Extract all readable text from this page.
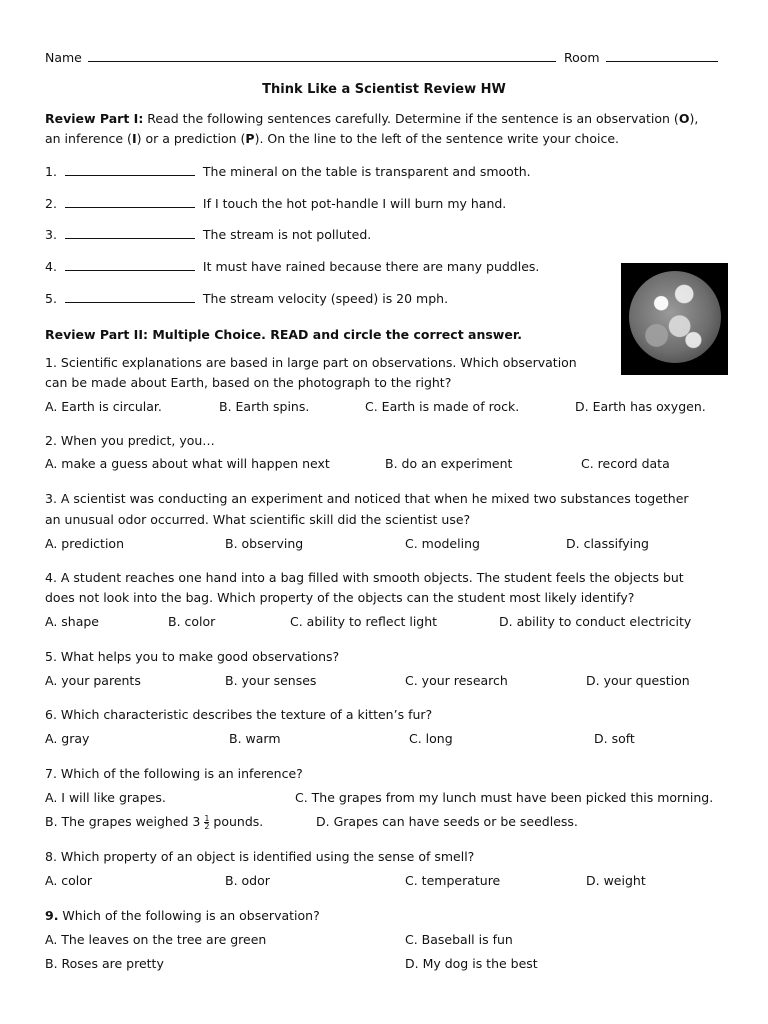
Name	Room
Think Like a Scientist Review HW
Review Part I: Read the following sentences carefully. Determine if the sentence is an observation (O),
an inference (I) or a prediction (P). On the line to the left of the sentence write your choice.
1.	The mineral on the table is transparent and smooth.
2.	If I touch the hot pot-handle I will burn my hand.
3.	The stream is not polluted.
4.	It must have rained because there are many puddles.
5.	The stream velocity (speed) is 20 mph.
Review Part II: Multiple Choice. READ and circle the correct answer.
1. Scientific explanations are based in large part on observations. Which observation
can be made about Earth, based on the photograph to the right?
A. Earth is circular.	B. Earth spins.	C. Earth is made of rock.	D. Earth has oxygen.
2. When you predict, you…
A. make a guess about what will happen next	B. do an experiment	C. record data
3. A scientist was conducting an experiment and noticed that when he mixed two substances together
an unusual odor occurred. What scientific skill did the scientist use?
A. prediction	B. observing	C. modeling	D. classifying
4. A student reaches one hand into a bag filled with smooth objects. The student feels the objects but
does not look into the bag. Which property of the objects can the student most likely identify?
A. shape	B. color	C. ability to reflect light	D. ability to conduct electricity
5. What helps you to make good observations?
A. your parents	B. your senses	C. your research	D. your question
6. Which characteristic describes the texture of a kitten’s fur?
A. gray	B. warm	C. long	D. soft
7. Which of the following is an inference?
A. I will like grapes.	C. The grapes from my lunch must have been picked this morning.
B. The grapes weighed $3 \frac{1}{2}$ pounds.	D. Grapes can have seeds or be seedless.
8. Which property of an object is identified using the sense of smell?
A. color	B. odor	C. temperature	D. weight
9. Which of the following is an observation?
A. The leaves on the tree are green	C. Baseball is fun
B. Roses are pretty	D. My dog is the best
